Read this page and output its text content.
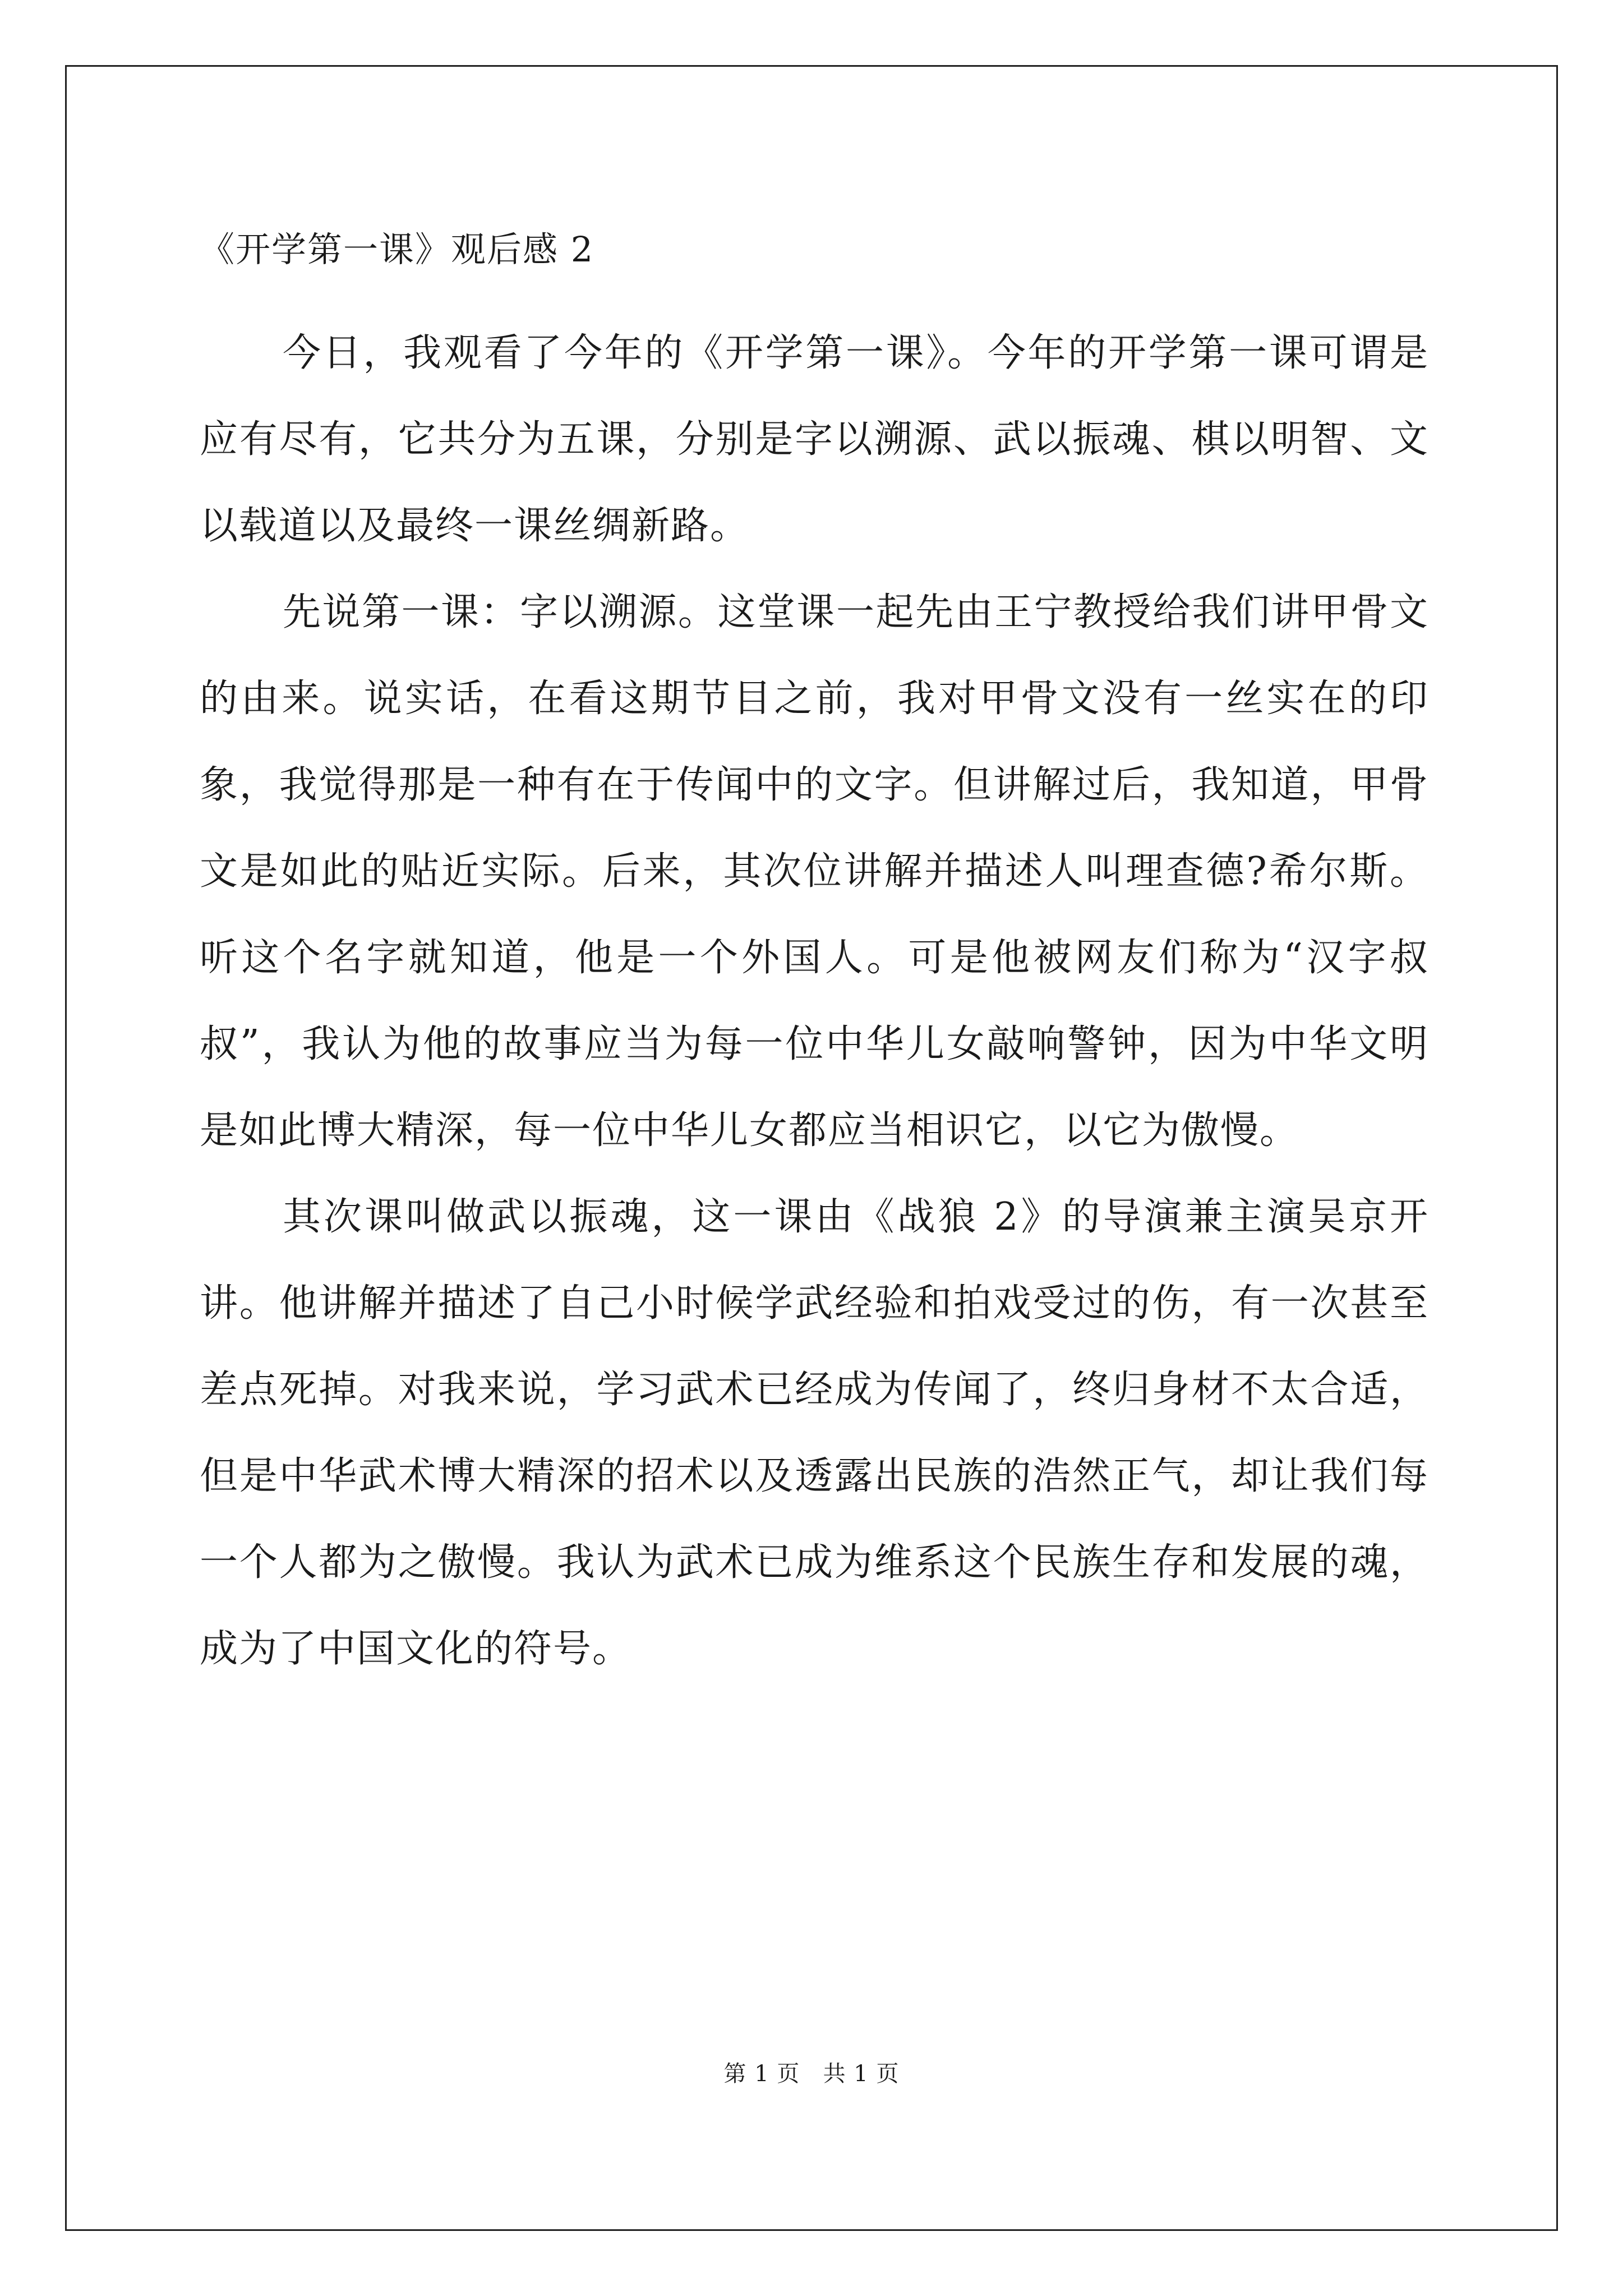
《开学第一课》观后感 2

今日，我观看了今年的《开学第一课》。今年的开学第一课可谓是应有尽有，它共分为五课，分别是字以溯源、武以振魂、棋以明智、文以载道以及最终一课丝绸新路。

先说第一课：字以溯源。这堂课一起先由王宁教授给我们讲甲骨文的由来。说实话，在看这期节目之前，我对甲骨文没有一丝实在的印象，我觉得那是一种有在于传闻中的文字。但讲解过后，我知道，甲骨文是如此的贴近实际。后来，其次位讲解并描述人叫理查德?希尔斯。听这个名字就知道，他是一个外国人。可是他被网友们称为“汉字叔叔”，我认为他的故事应当为每一位中华儿女敲响警钟，因为中华文明是如此博大精深，每一位中华儿女都应当相识它，以它为傲慢。

其次课叫做武以振魂，这一课由《战狼 2》的导演兼主演吴京开讲。他讲解并描述了自己小时候学武经验和拍戏受过的伤，有一次甚至差点死掉。对我来说，学习武术已经成为传闻了，终归身材不太合适，但是中华武术博大精深的招术以及透露出民族的浩然正气，却让我们每一个人都为之傲慢。我认为武术已成为维系这个民族生存和发展的魂，成为了中国文化的符号。

第 1 页 共 1 页
